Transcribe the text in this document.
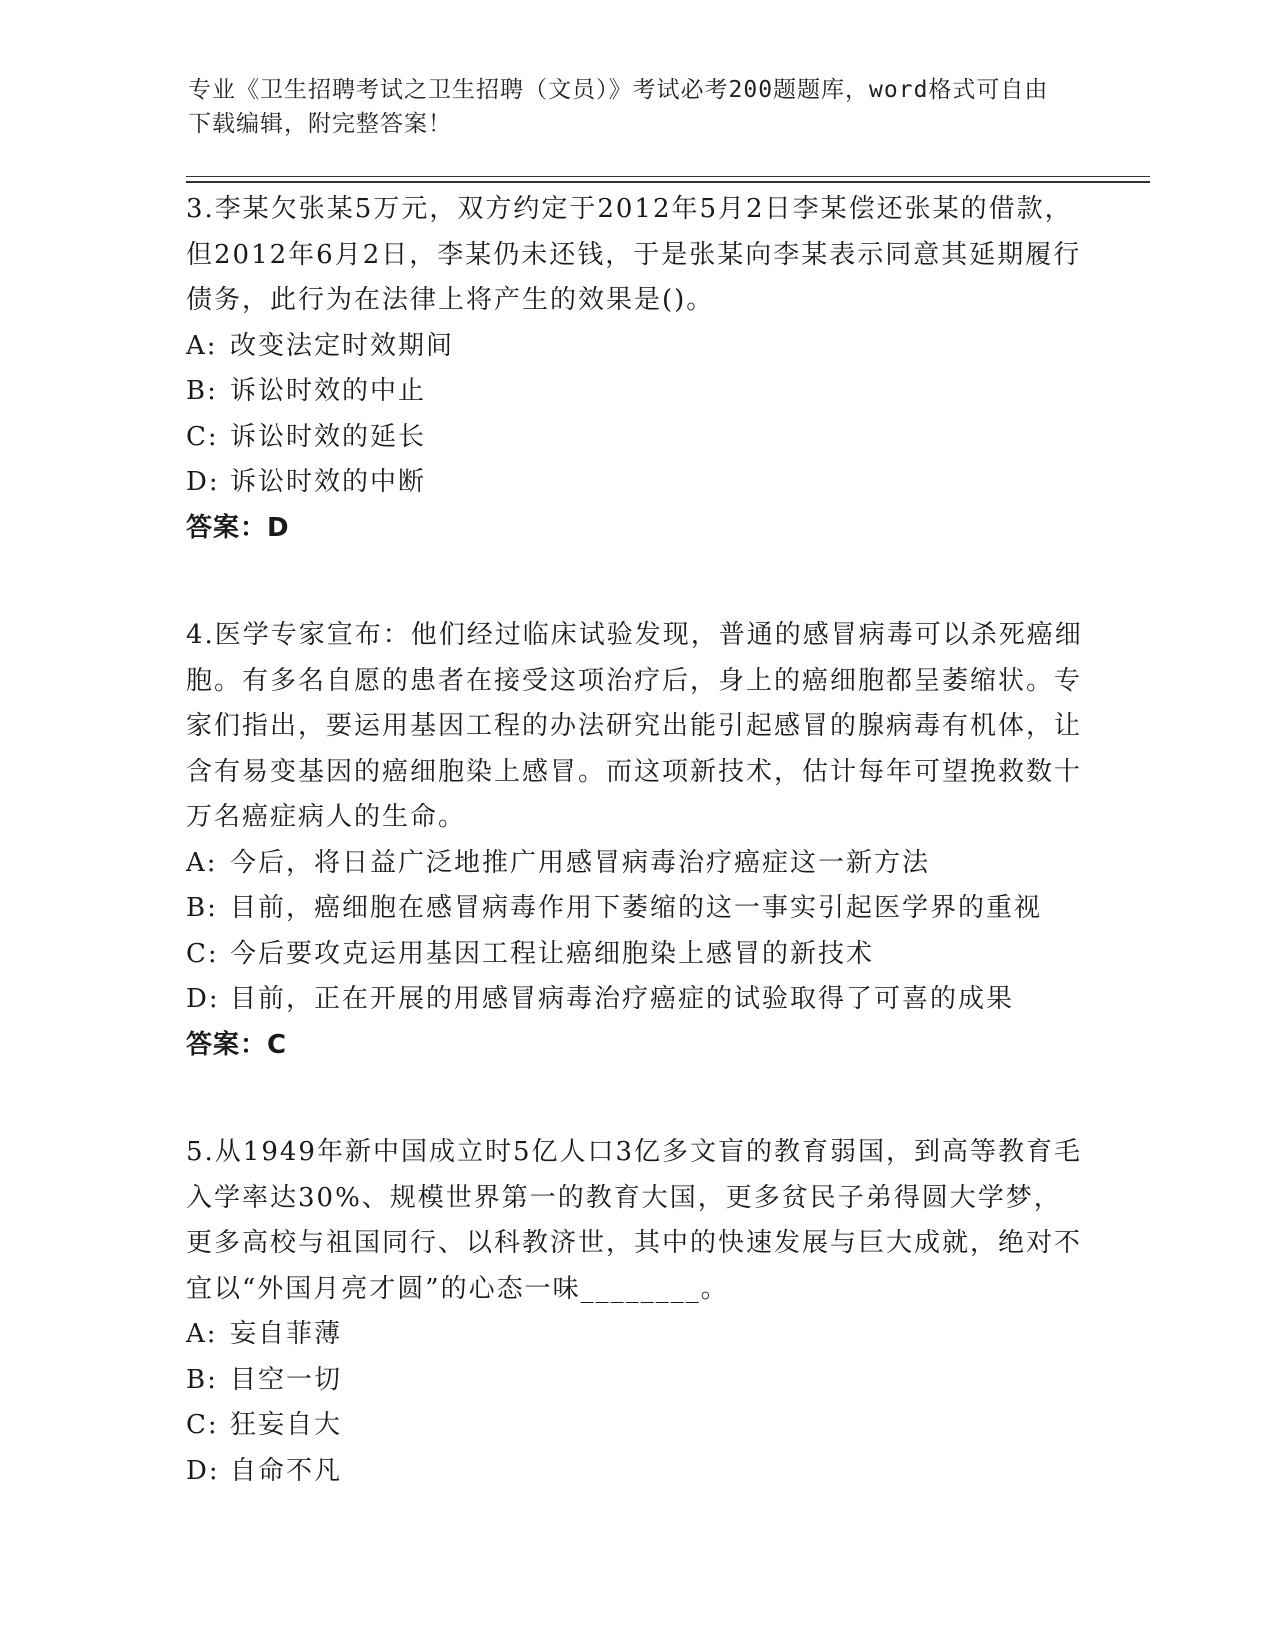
专业《卫生招聘考试之卫生招聘（文员）》考试必考200题题库，word格式可自由下载编辑，附完整答案！

3.李某欠张某5万元，双方约定于2012年5月2日李某偿还张某的借款，但2012年6月2日，李某仍未还钱，于是张某向李某表示同意其延期履行债务，此行为在法律上将产生的效果是()。

A: 改变法定时效期间

B: 诉讼时效的中止

C: 诉讼时效的延长

D: 诉讼时效的中断

答案：D

4.医学专家宣布：他们经过临床试验发现，普通的感冒病毒可以杀死癌细胞。有多名自愿的患者在接受这项治疗后，身上的癌细胞都呈萎缩状。专家们指出，要运用基因工程的办法研究出能引起感冒的腺病毒有机体，让含有易变基因的癌细胞染上感冒。而这项新技术，估计每年可望挽救数十万名癌症病人的生命。

A: 今后，将日益广泛地推广用感冒病毒治疗癌症这一新方法

B: 目前，癌细胞在感冒病毒作用下萎缩的这一事实引起医学界的重视

C: 今后要攻克运用基因工程让癌细胞染上感冒的新技术

D: 目前，正在开展的用感冒病毒治疗癌症的试验取得了可喜的成果

答案：C

5.从1949年新中国成立时5亿人口3亿多文盲的教育弱国，到高等教育毛入学率达30%、规模世界第一的教育大国，更多贫民子弟得圆大学梦，更多高校与祖国同行、以科教济世，其中的快速发展与巨大成就，绝对不宜以“外国月亮才圆”的心态一味________。

A: 妄自菲薄

B: 目空一切

C: 狂妄自大

D: 自命不凡
